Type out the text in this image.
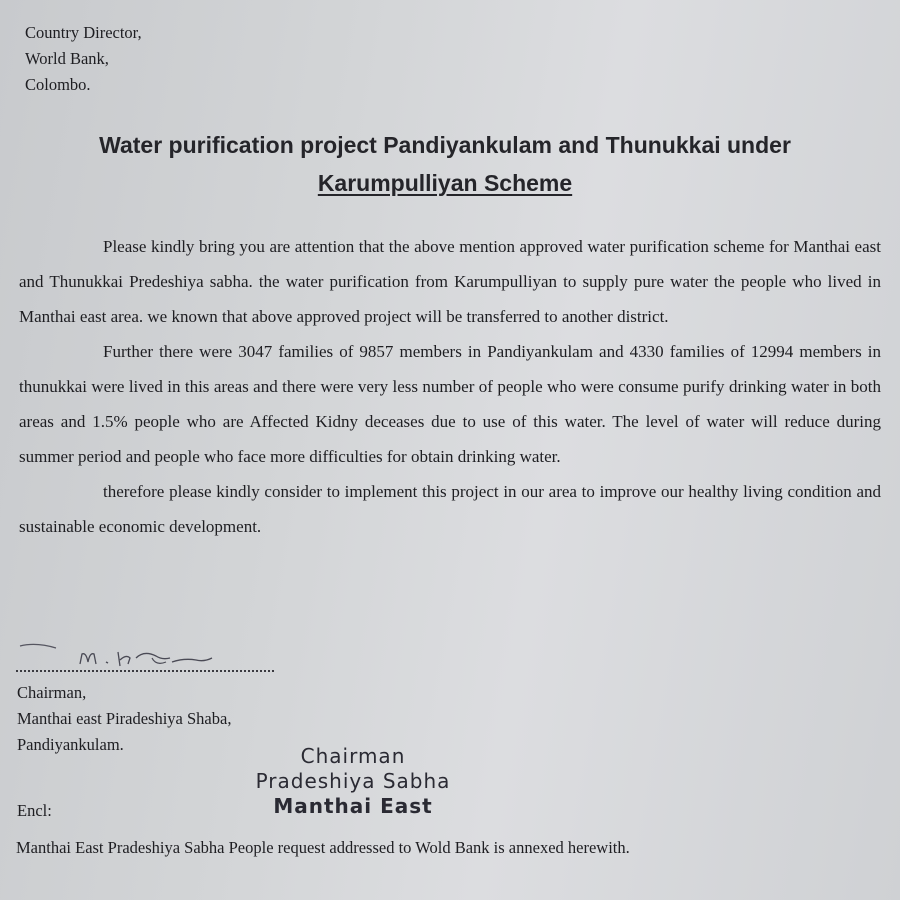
Country Director,
World Bank,
Colombo.
Water purification project Pandiyankulam and Thunukkai under
Karumpulliyan Scheme

Please kindly bring you are attention that the above mention approved water purification scheme for Manthai east and Thunukkai Predeshiya sabha. the water purification from Karumpulliyan to supply pure water the people who lived in Manthai east area. we known that above approved project will be transferred to another district.

Further there were 3047 families of 9857 members in Pandiyankulam and 4330 families of 12994 members in thunukkai were lived in this areas and there were very less number of people who were consume purify drinking water in both areas and 1.5% people who are Affected Kidny deceases due to use of this water. The level of water will reduce during summer period and people who face more difficulties for obtain drinking water.

therefore please kindly consider to implement this project in our area to improve our healthy living condition and sustainable economic development.

Chairman,
Manthai east Piradeshiya Shaba,
Pandiyankulam.	Chairman
Pradeshiya Sabha
Manthai East
Encl:
Manthai East Pradeshiya Sabha People request addressed to Wold Bank is annexed herewith.
